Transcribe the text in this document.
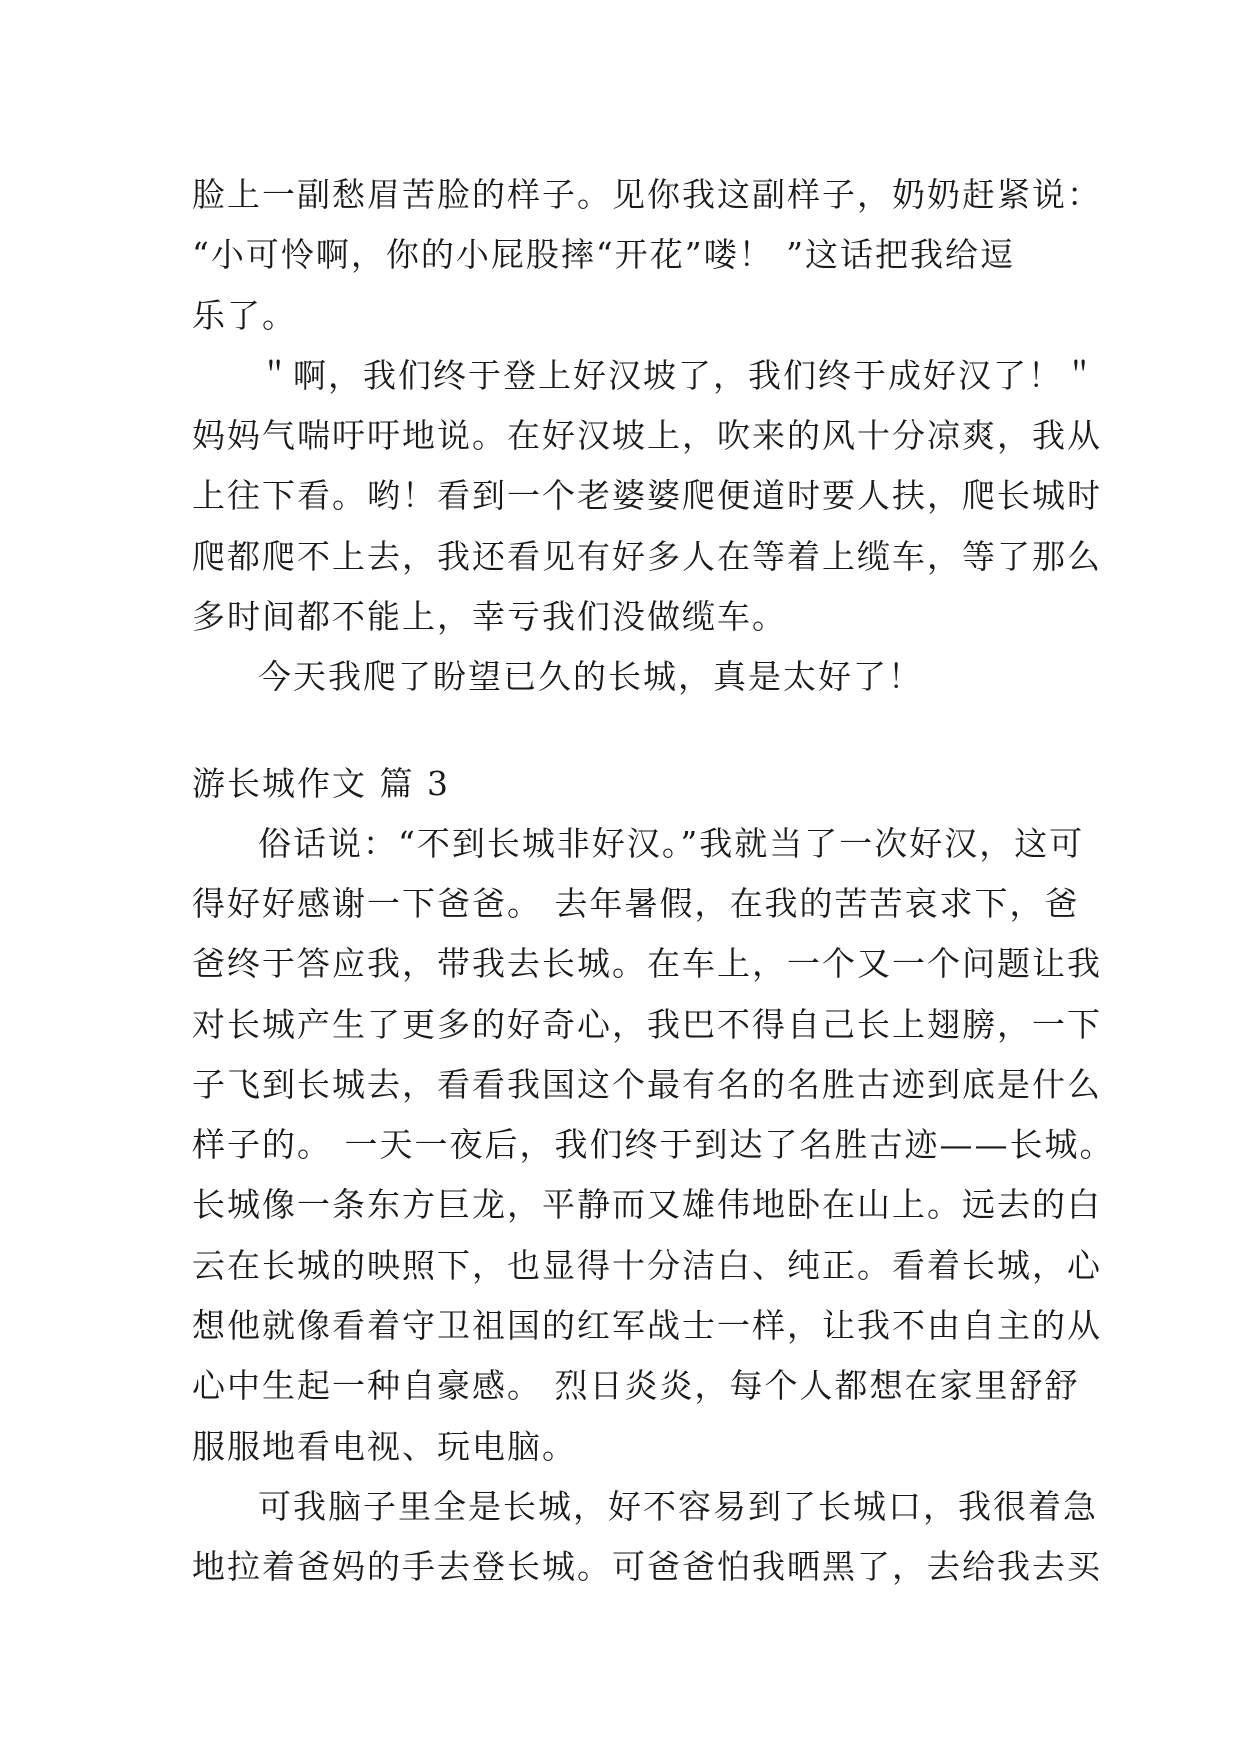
脸上一副愁眉苦脸的样子。见你我这副样子，奶奶赶紧说：
“小可怜啊，你的小屁股摔“开花”喽！ ”这话把我给逗
乐了。
＂啊，我们终于登上好汉坡了，我们终于成好汉了！＂
妈妈气喘吁吁地说。在好汉坡上，吹来的风十分凉爽，我从
上往下看。哟！看到一个老婆婆爬便道时要人扶，爬长城时
爬都爬不上去，我还看见有好多人在等着上缆车，等了那么
多时间都不能上，幸亏我们没做缆车。
今天我爬了盼望已久的长城，真是太好了！
游长城作文 篇 3
俗话说：“不到长城非好汉。”我就当了一次好汉，这可
得好好感谢一下爸爸。 去年暑假，在我的苦苦哀求下，爸
爸终于答应我，带我去长城。在车上，一个又一个问题让我
对长城产生了更多的好奇心，我巴不得自己长上翅膀，一下
子飞到长城去，看看我国这个最有名的名胜古迹到底是什么
样子的。 一天一夜后，我们终于到达了名胜古迹——长城。
长城像一条东方巨龙，平静而又雄伟地卧在山上。远去的白
云在长城的映照下，也显得十分洁白、纯正。看着长城，心
想他就像看着守卫祖国的红军战士一样，让我不由自主的从
心中生起一种自豪感。 烈日炎炎，每个人都想在家里舒舒
服服地看电视、玩电脑。
可我脑子里全是长城，好不容易到了长城口，我很着急
地拉着爸妈的手去登长城。可爸爸怕我晒黑了，去给我去买
